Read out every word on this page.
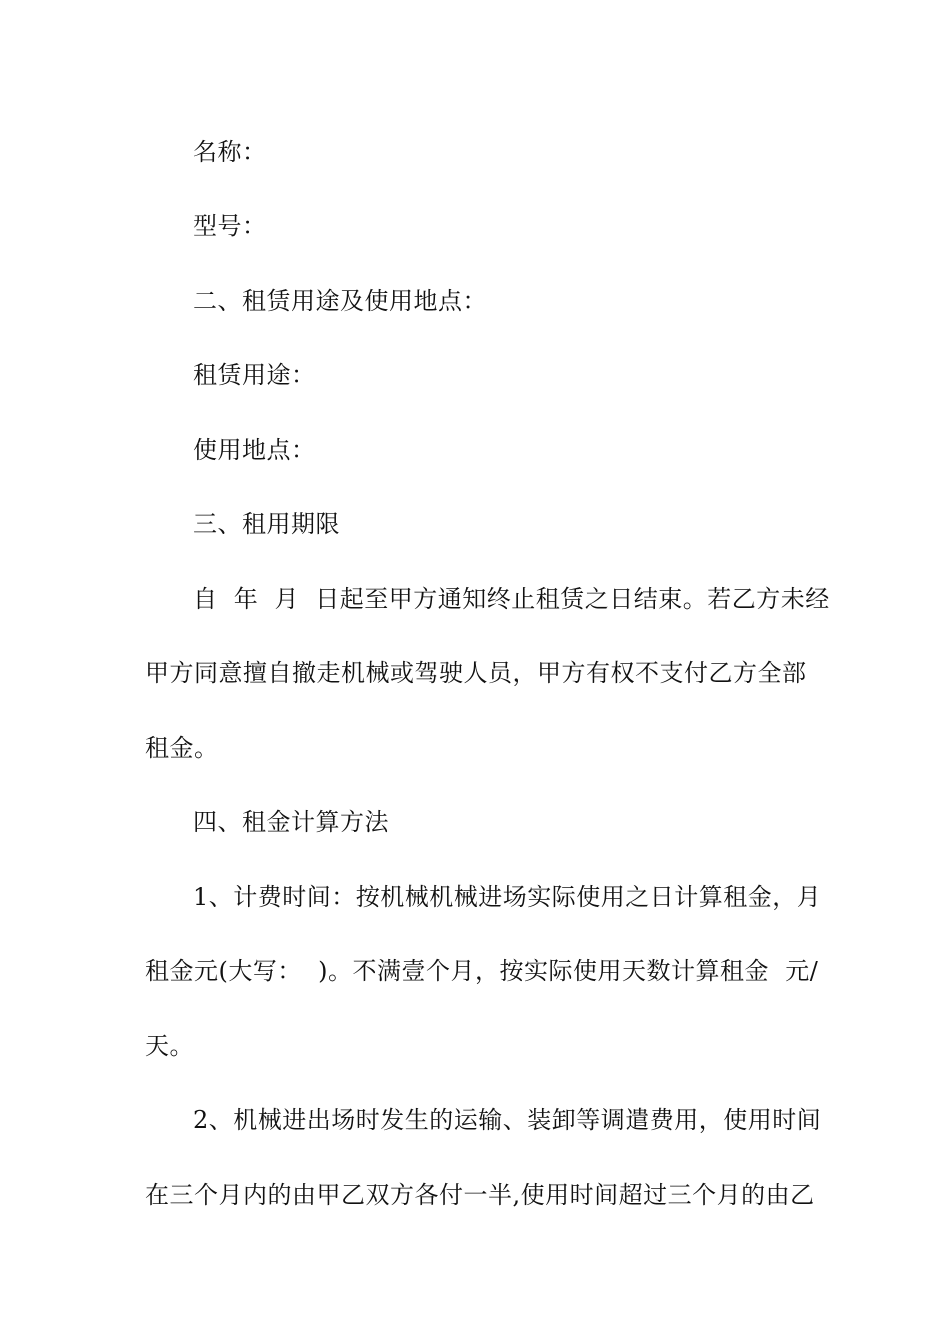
名称：
型号：
二、租赁用途及使用地点：
租赁用途：
使用地点：
三、租用期限
自  年  月  日起至甲方通知终止租赁之日结束。若乙方未经
甲方同意擅自撤走机械或驾驶人员，甲方有权不支付乙方全部
租金。
四、租金计算方法
1、计费时间：按机械机械进场实际使用之日计算租金，月
租金元(大写：  )。不满壹个月，按实际使用天数计算租金  元/
天。
2、机械进出场时发生的运输、装卸等调遣费用，使用时间
在三个月内的由甲乙双方各付一半,使用时间超过三个月的由乙
